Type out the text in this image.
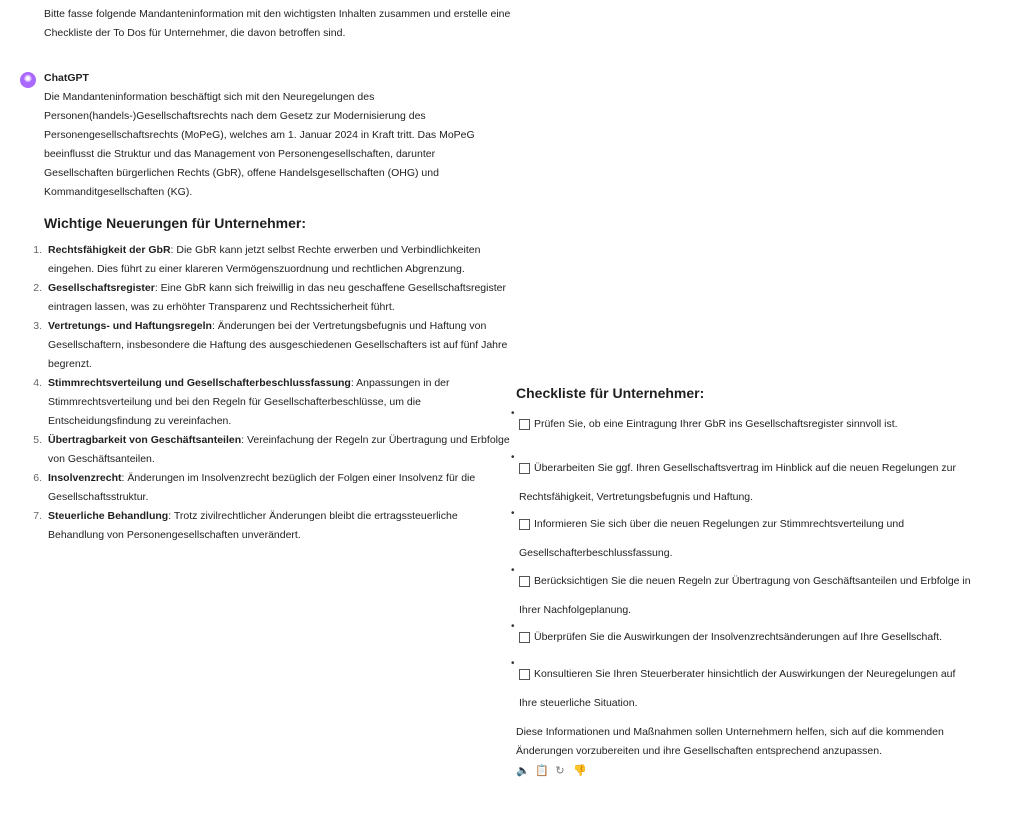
Bitte fasse folgende Mandanteninformation mit den wichtigsten Inhalten zusammen und erstelle eine Checkliste der To Dos für Unternehmer, die davon betroffen sind.
✺ ChatGPT
Die Mandanteninformation beschäftigt sich mit den Neuregelungen des Personen(handels-)Gesellschaftsrechts nach dem Gesetz zur Modernisierung des Personengesellschaftsrechts (MoPeG), welches am 1. Januar 2024 in Kraft tritt. Das MoPeG beeinflusst die Struktur und das Management von Personengesellschaften, darunter Gesellschaften bürgerlichen Rechts (GbR), offene Handelsgesellschaften (OHG) und Kommanditgesellschaften (KG).
Wichtige Neuerungen für Unternehmer:
1. Rechtsfähigkeit der GbR: Die GbR kann jetzt selbst Rechte erwerben und Verbindlichkeiten eingehen. Dies führt zu einer klareren Vermögenszuordnung und rechtlichen Abgrenzung.
2. Gesellschaftsregister: Eine GbR kann sich freiwillig in das neu geschaffene Gesellschaftsregister eintragen lassen, was zu erhöhter Transparenz und Rechtssicherheit führt.
3. Vertretungs- und Haftungsregeln: Änderungen bei der Vertretungsbefugnis und Haftung von Gesellschaftern, insbesondere die Haftung des ausgeschiedenen Gesellschafters ist auf fünf Jahre begrenzt.
4. Stimmrechtsverteilung und Gesellschafterbeschlussfassung: Anpassungen in der Stimmrechtsverteilung und bei den Regeln für Gesellschafterbeschlüsse, um die Entscheidungsfindung zu vereinfachen.
5. Übertragbarkeit von Geschäftsanteilen: Vereinfachung der Regeln zur Übertragung und Erbfolge von Geschäftsanteilen.
6. Insolvenzrecht: Änderungen im Insolvenzrecht bezüglich der Folgen einer Insolvenz für die Gesellschaftsstruktur.
7. Steuerliche Behandlung: Trotz zivilrechtlicher Änderungen bleibt die ertragssteuerliche Behandlung von Personengesellschaften unverändert.
Checkliste für Unternehmer:
•
Prüfen Sie, ob eine Eintragung Ihrer GbR ins Gesellschaftsregister sinnvoll ist.
•
Überarbeiten Sie ggf. Ihren Gesellschaftsvertrag im Hinblick auf die neuen Regelungen zur
Rechtsfähigkeit, Vertretungsbefugnis und Haftung.
•
Informieren Sie sich über die neuen Regelungen zur Stimmrechtsverteilung und
Gesellschafterbeschlussfassung.
•
Berücksichtigen Sie die neuen Regeln zur Übertragung von Geschäftsanteilen und Erbfolge in
Ihrer Nachfolgeplanung.
•
Überprüfen Sie die Auswirkungen der Insolvenzrechtsänderungen auf Ihre Gesellschaft.
•
Konsultieren Sie Ihren Steuerberater hinsichtlich der Auswirkungen der Neuregelungen auf
Ihre steuerliche Situation.
Diese Informationen und Maßnahmen sollen Unternehmern helfen, sich auf die kommenden Änderungen vorzubereiten und ihre Gesellschaften entsprechend anzupassen.
🔈 📋 ↻ 👎
